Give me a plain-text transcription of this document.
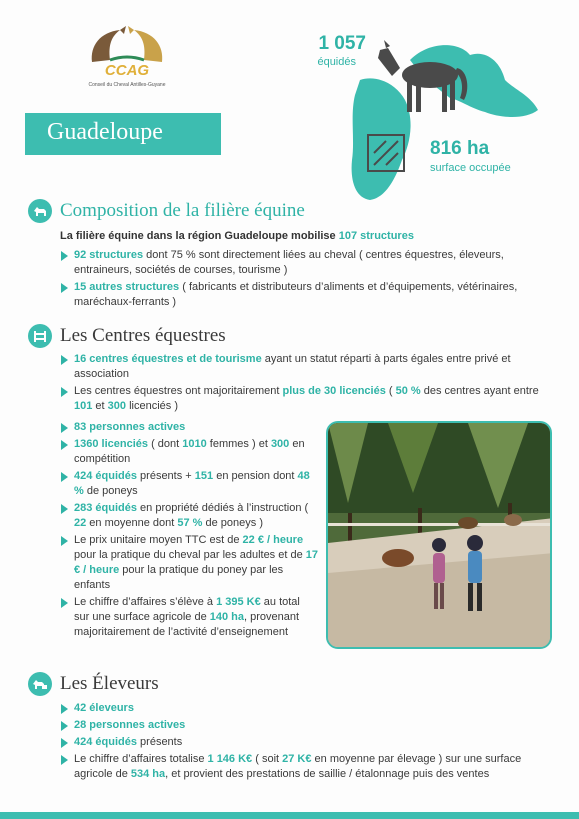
CCAG
Conseil du Cheval Antilles-Guyane
Guadeloupe
1 057
équidés
816 ha
surface occupée
Composition de la filière équine
La filière équine dans la région Guadeloupe mobilise 107 structures
92 structures dont 75 % sont directement liées au cheval ( centres équestres, éleveurs, entraineurs, sociétés de courses, tourisme )
15 autres structures ( fabricants et distributeurs d’aliments et d’équipements, vétérinaires, maréchaux-ferrants )
Les Centres équestres
16 centres équestres et de tourisme ayant un statut réparti à parts égales entre privé et association
Les centres équestres ont majoritairement plus de 30 licenciés ( 50 % des centres ayant entre 101 et 300 licenciés )
83 personnes actives
1360 licenciés ( dont 1010 femmes ) et 300 en compétition
424 équidés présents + 151 en pension dont 48 % de poneys
283 équidés en propriété dédiés à l’instruction ( 22 en moyenne dont 57 % de poneys )
Le prix unitaire moyen TTC est de 22 € / heure pour la pratique du cheval par les adultes et de 17 € / heure pour la pratique du poney par les enfants
Le chiffre d’affaires s’élève à 1 395 K€ au total sur une surface agricole de 140 ha, provenant majoritairement de l’activité d’enseignement
Les Éleveurs
42 éleveurs
28 personnes actives
424 équidés présents
Le chiffre d’affaires totalise 1 146 K€ ( soit 27 K€ en moyenne par élevage ) sur une surface agricole de 534 ha, et provient des prestations de saillie / étalonnage puis des ventes
